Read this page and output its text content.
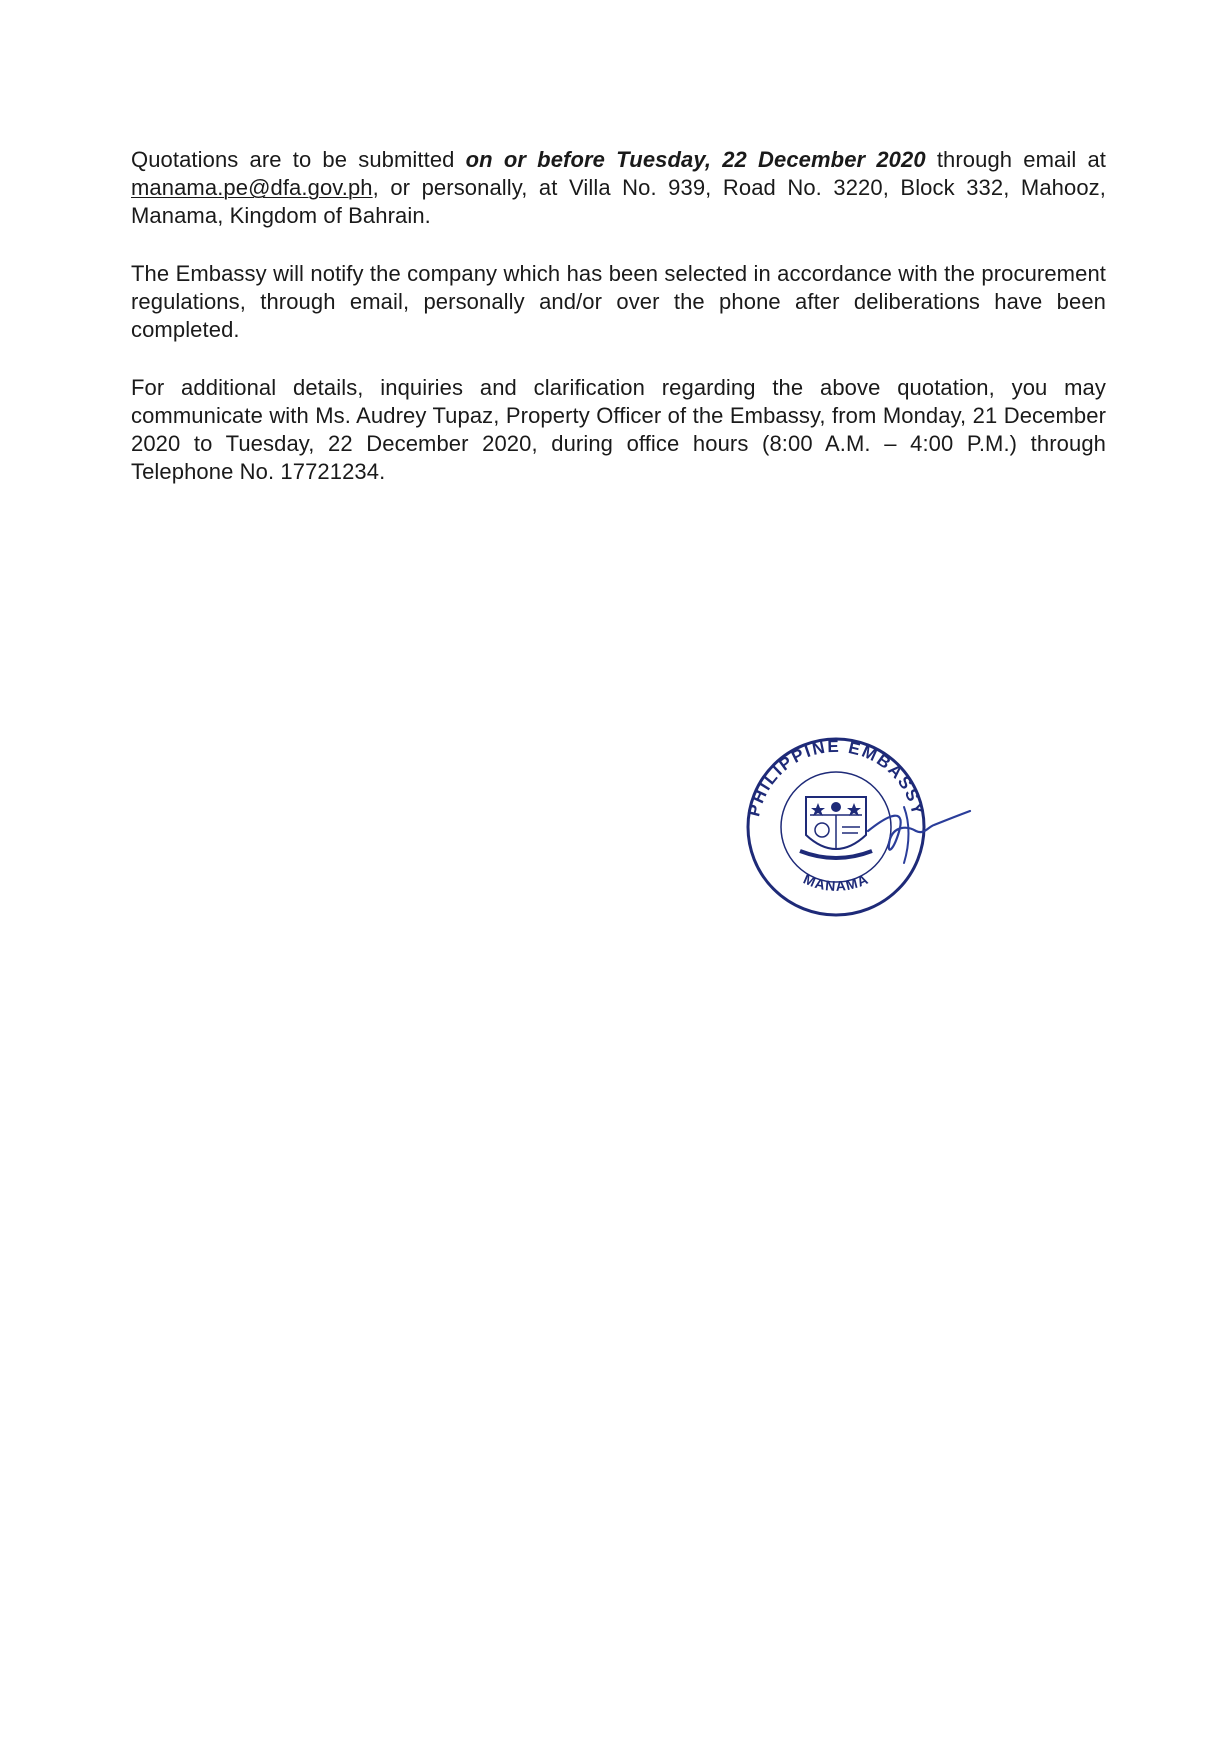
Quotations are to be submitted on or before Tuesday, 22 December 2020 through email at manama.pe@dfa.gov.ph, or personally, at Villa No. 939, Road No. 3220, Block 332, Mahooz, Manama, Kingdom of Bahrain.

The Embassy will notify the company which has been selected in accordance with the procurement regulations, through email, personally and/or over the phone after deliberations have been completed.

For additional details, inquiries and clarification regarding the above quotation, you may communicate with Ms. Audrey Tupaz, Property Officer of the Embassy, from Monday, 21 December 2020 to Tuesday, 22 December 2020, during office hours (8:00 A.M. – 4:00 P.M.) through Telephone No. 17721234.

PHILIPPINE EMBASSY
MANAMA
